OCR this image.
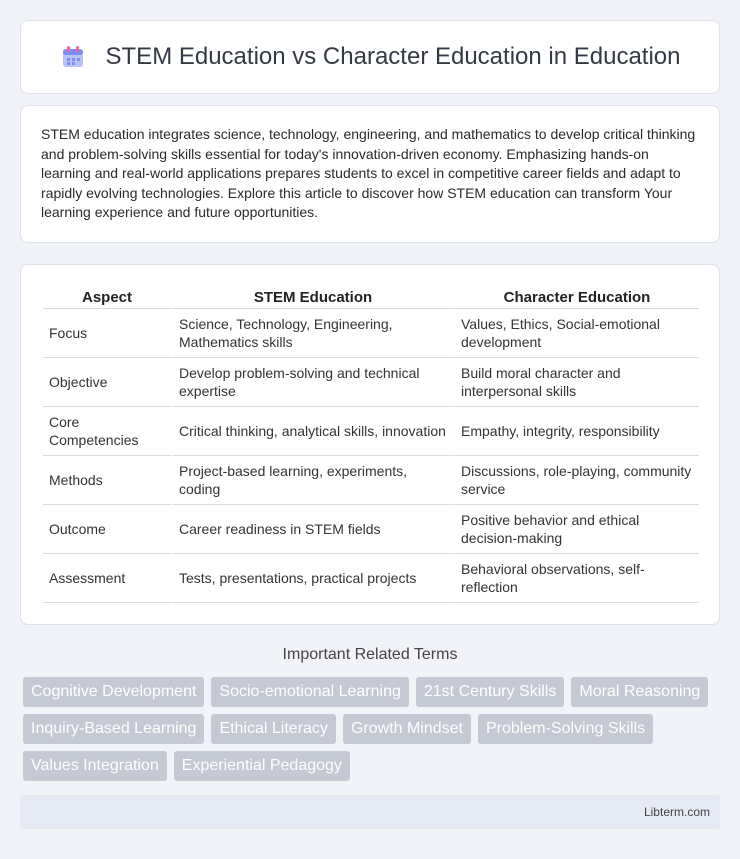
STEM Education vs Character Education in Education

STEM education integrates science, technology, engineering, and mathematics to develop critical thinking and problem-solving skills essential for today's innovation-driven economy. Emphasizing hands-on learning and real-world applications prepares students to excel in competitive career fields and adapt to rapidly evolving technologies. Explore this article to discover how STEM education can transform Your learning experience and future opportunities.

Aspect	STEM Education	Character Education
Focus	Science, Technology, Engineering, Mathematics skills	Values, Ethics, Social-emotional development
Objective	Develop problem-solving and technical expertise	Build moral character and interpersonal skills
Core Competencies	Critical thinking, analytical skills, innovation	Empathy, integrity, responsibility
Methods	Project-based learning, experiments, coding	Discussions, role-playing, community service
Outcome	Career readiness in STEM fields	Positive behavior and ethical decision-making
Assessment	Tests, presentations, practical projects	Behavioral observations, self-reflection
Important Related Terms
Cognitive Development	Socio-emotional Learning	21st Century Skills	Moral Reasoning
Inquiry-Based Learning	Ethical Literacy	Growth Mindset	Problem-Solving Skills
Values Integration	Experiential Pedagogy
Libterm.com
